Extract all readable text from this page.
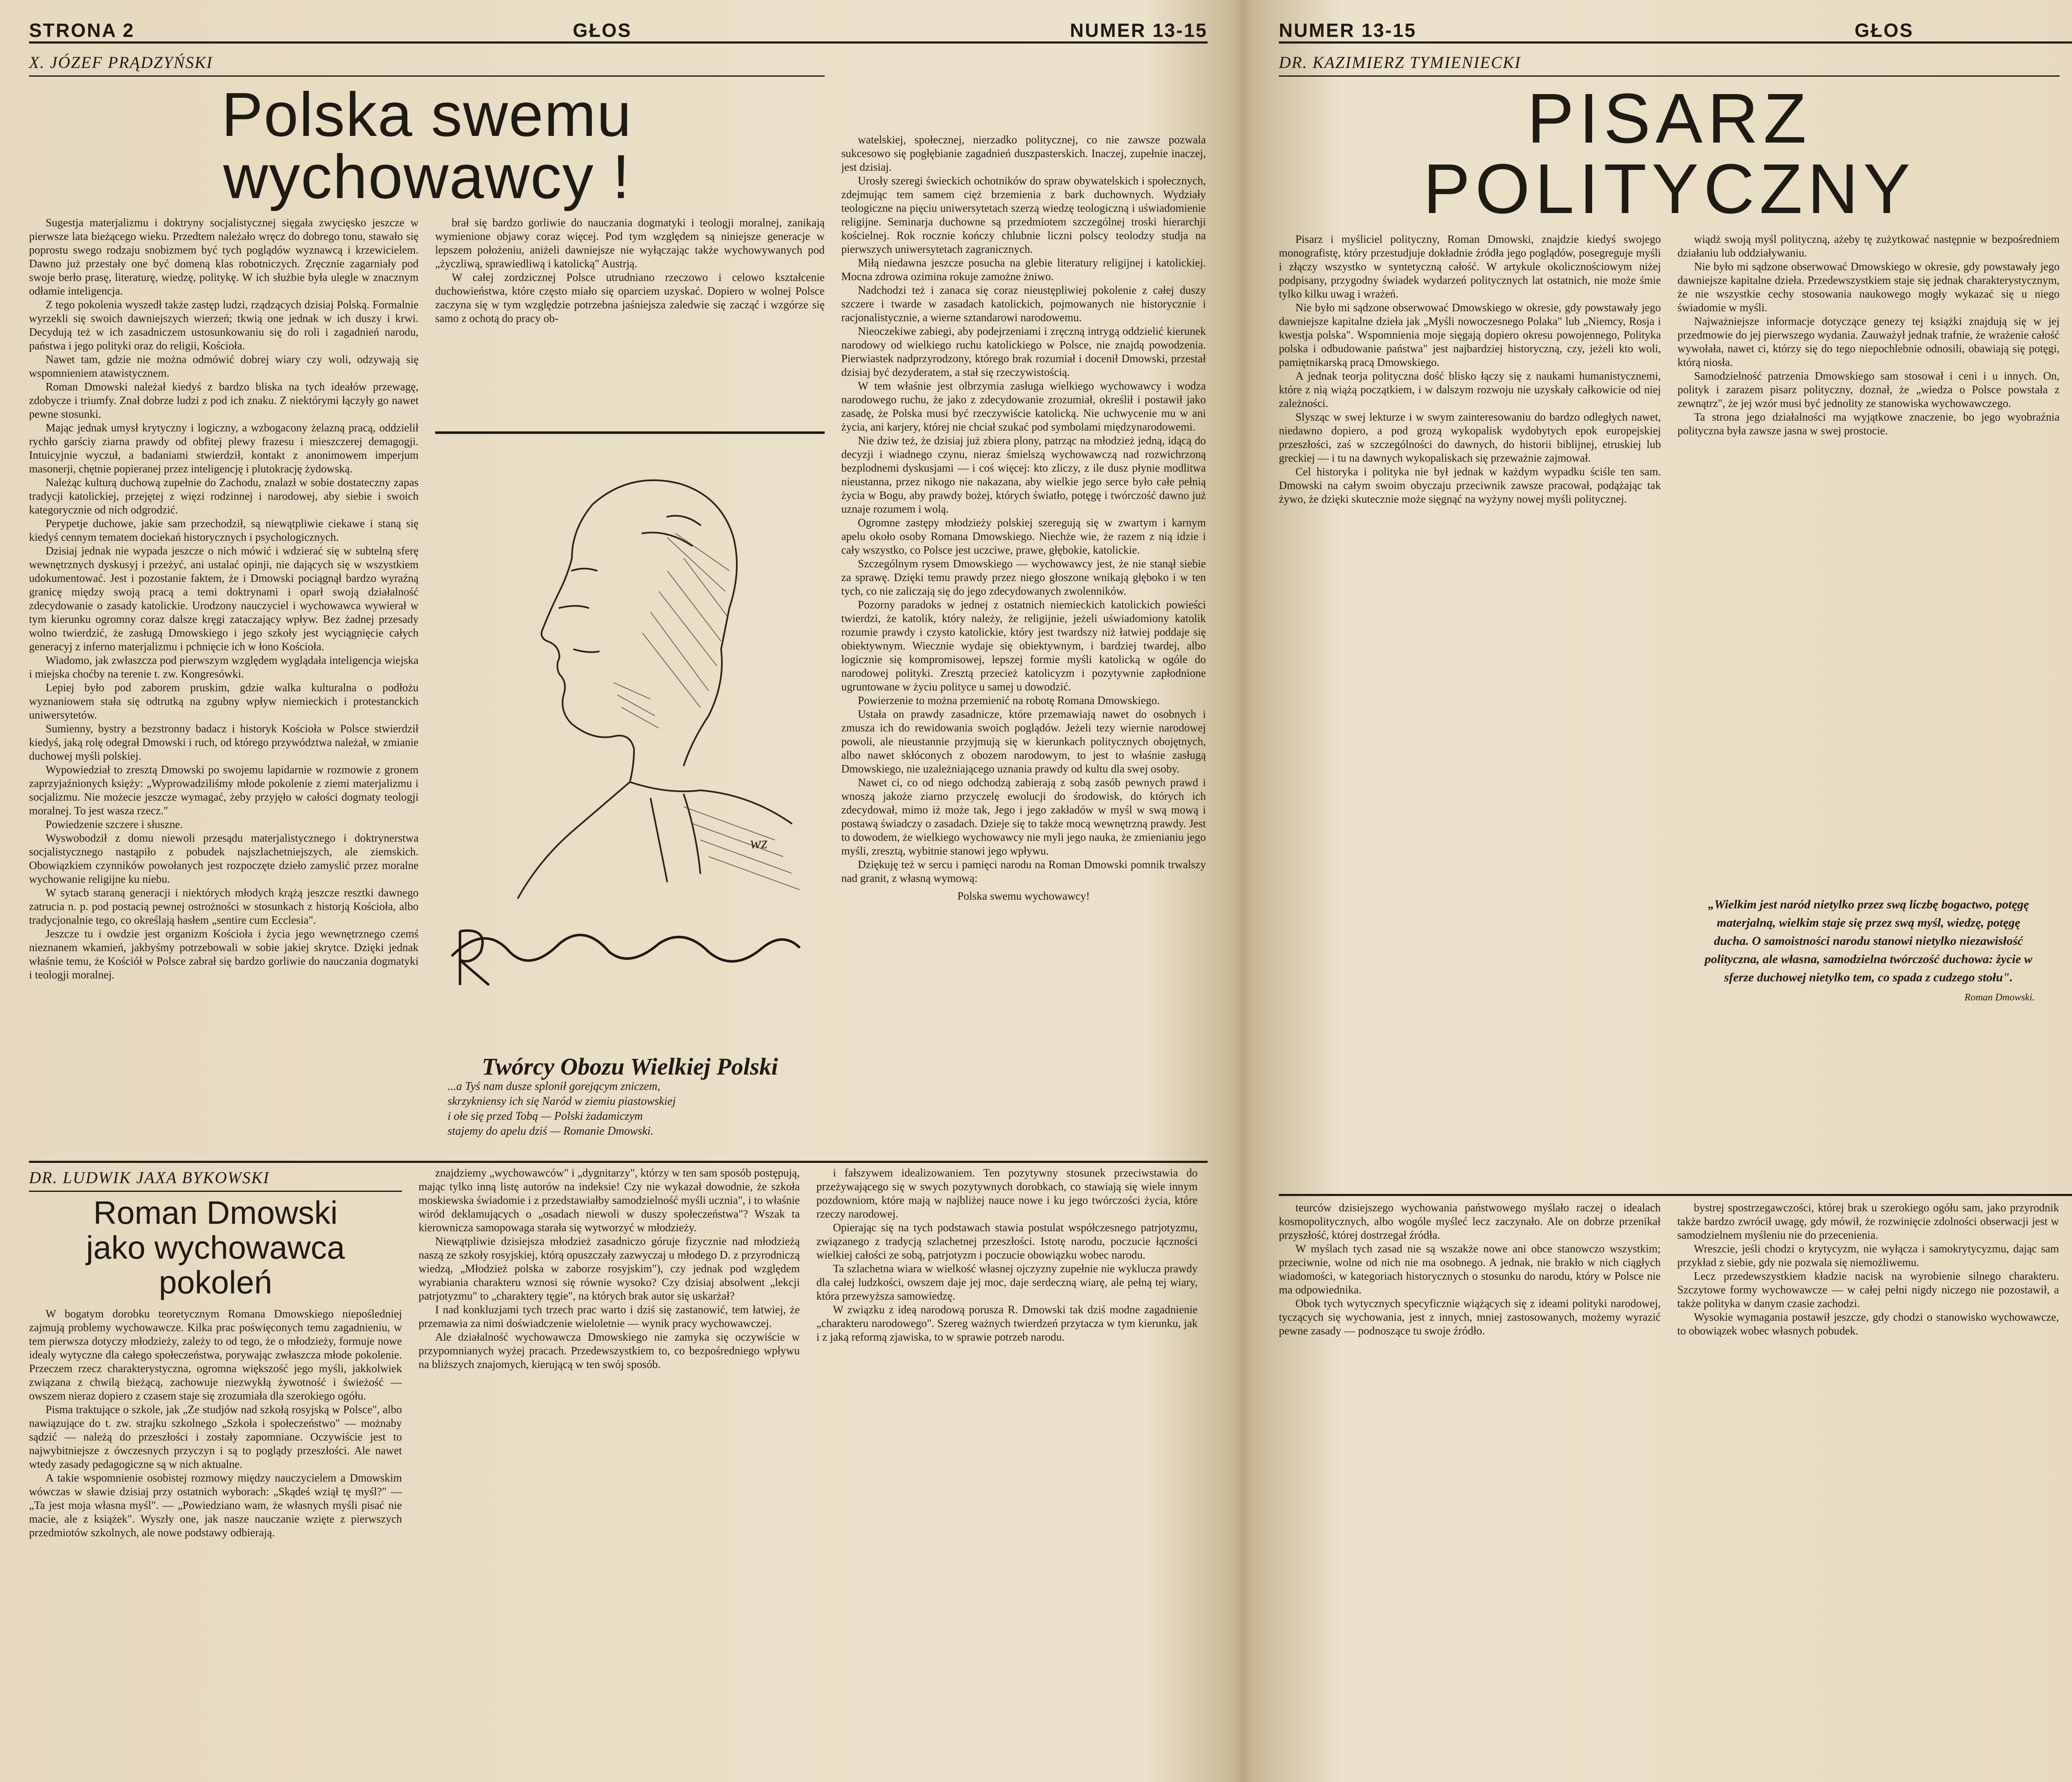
STRONA 2	GŁOS	NUMER 13-15
X. JÓZEF PRĄDZYŃSKI
Polska swemu wychowawcy !

Sugestja materjalizmu i doktryny socjalistycznej sięgała zwycięsko jeszcze w pierwsze lata bieżącego wieku. Przedtem należało wręcz do dobrego tonu, stawało się poprostu swego rodzaju snobizmem być tych poglądów wyznawcą i krzewicielem. Dawno już przestały one być domeną klas robotniczych. Zręcznie zagarniały pod swoje berło prasę, literaturę, wiedzę, politykę. W ich służbie była ulegle w znacznym odłamie inteligencja.

Z tego pokolenia wyszedł także zastęp ludzi, rządzących dzisiaj Polską. Formalnie wyrzekli się swoich dawniejszych wierzeń; tkwią one jednak w ich duszy i krwi. Decydują też w ich zasadniczem ustosunkowaniu się do roli i zagadnień narodu, państwa i jego polityki oraz do religii, Kościoła.

Nawet tam, gdzie nie można odmówić dobrej wiary czy woli, odzywają się wspomnieniem atawistycznem.

Roman Dmowski należał kiedyś z bardzo bliska na tych ideałów przewagę, zdobycze i triumfy. Znał dobrze ludzi z pod ich znaku. Z niektórymi łączyły go nawet pewne stosunki.

Mając jednak umysł krytyczny i logiczny, a wzbogacony żelazną pracą, oddzielił rychło garściy ziarna prawdy od obfitej plewy frazesu i mieszczerej demagogji. Intuicyjnie wyczuł, a badaniami stwierdził, kontakt z anonimowem imperjum masonerji, chętnie popieranej przez inteligencję i plutokrację żydowską.

Należąc kulturą duchową zupełnie do Zachodu, znalazł w sobie dostateczny zapas tradycji katolickiej, przejętej z więzi rodzinnej i narodowej, aby siebie i swoich kategorycznie od nich odgrodzić.

Perypetje duchowe, jakie sam przechodził, są niewątpliwie ciekawe i staną się kiedyś cennym tematem dociekań historycznych i psychologicznych.

Dzisiaj jednak nie wypada jeszcze o nich mówić i wdzierać się w subtelną sferę wewnętrznych dyskusyj i przeżyć, ani ustalać opinji, nie dających się w wszystkiem udokumentować. Jest i pozostanie faktem, że i Dmowski pociągnął bardzo wyraźną granicę między swoją pracą a temi doktrynami i oparł swoją działalność zdecydowanie o zasady katolickie. Urodzony nauczyciel i wychowawca wywierał w tym kierunku ogromny coraz dalsze kręgi zataczający wpływ. Bez żadnej przesady wolno twierdzić, że zasługą Dmowskiego i jego szkoły jest wyciągnięcie całych generacyj z inferno materjalizmu i pchnięcie ich w łono Kościoła.

Wiadomo, jak zwłaszcza pod pierwszym względem wyglądała inteligencja wiejska i miejska choćby na terenie t. zw. Kongresówki.

Lepiej było pod zaborem pruskim, gdzie walka kulturalna o podłożu wyznaniowem stała się odtrutką na zgubny wpływ niemieckich i protestanckich uniwersytetów.

Sumienny, bystry a bezstronny badacz i historyk Kościoła w Polsce stwierdził kiedyś, jaką rolę odegrał Dmowski i ruch, od którego przywództwa należał, w zmianie duchowej myśli polskiej.

Wypowiedział to zresztą Dmowski po swojemu lapidarnie w rozmowie z gronem zaprzyjaźnionych księży: „Wyprowadziliśmy młode pokolenie z ziemi materjalizmu i socjalizmu. Nie możecie jeszcze wymagać, żeby przyjęło w całości dogmaty teologji moralnej. To jest wasza rzecz."

Powiedzenie szczere i słuszne.

Wyswobodził z domu niewoli przesądu materjalistycznego i doktrynerstwa socjalistycznego nastąpiło z pobudek najszlachetniejszych, ale ziemskich. Obowiązkiem czynników powołanych jest rozpoczęte dzieło zamyslić przez moralne wychowanie religijne ku niebu.

W sytacb staraną generacji i niektórych młodych krążą jeszcze resztki dawnego zatrucia n. p. pod postacią pewnej ostrożności w stosunkach z historją Kościoła, albo tradycjonalnie tego, co określają hasłem „sentire cum Ecclesia".

Jeszcze tu i owdzie jest organizm Kościoła i życia jego wewnętrznego czemś nieznanem wkamień, jakbyśmy potrzebowali w sobie jakiej skrytce. Dzięki jednak właśnie temu, że Kościół w Polsce zabrał się bardzo gorliwie do nauczania dogmatyki i teologji moralnej.

brał się bardzo gorliwie do nauczania dogmatyki i teologji moralnej, zanikają wymienione objawy coraz więcej. Pod tym względem są niniejsze generacje w lepszem położeniu, aniżeli dawniejsze nie wyłączając także wychowywanych pod „życzliwą, sprawiedliwą i katolicką" Austrją.

W całej zordzicznej Polsce utrudniano rzeczowo i celowo kształcenie duchowieństwa, które często miało się oparciem uzyskać. Dopiero w wolnej Polsce zaczyna się w tym względzie potrzebna jaśniejsza zaledwie się zacząć i wzgórze się samo z ochotą do pracy ob-

wz
Twórcy Obozu Wielkiej Polski
...a Tyś nam dusze splonił gorejącym zniczem,
skrzykniensy ich się Naród w ziemiu piastowskiej
i ołe się przed Tobą — Polski żadamiczym
stajemy do apelu dziś — Romanie Dmowski.

watelskiej, społecznej, nierzadko politycznej, co nie zawsze pozwala sukcesowo się pogłębianie zagadnień duszpasterskich. Inaczej, zupełnie inaczej, jest dzisiaj.

Urosły szeregi świeckich ochotników do spraw obywatelskich i społecznych, zdejmując tem samem cięż brzemienia z bark duchownych. Wydziały teologiczne na pięciu uniwersytetach szerzą wiedzę teologiczną i uświadomienie religijne. Seminarja duchowne są przedmiotem szczególnej troski hierarchji kościelnej. Rok rocznie kończy chlubnie liczni polscy teolodzy studja na pierwszych uniwersytetach zagranicznych.

Miłą niedawna jeszcze posucha na glebie literatury religijnej i katolickiej. Mocna zdrowa ozimina rokuje zamożne żniwo.

Nadchodzi też i zanaca się coraz nieustępliwiej pokolenie z całej duszy szczere i twarde w zasadach katolickich, pojmowanych nie historycznie i racjonalistycznie, a wierne sztandarowi narodowemu.

Nieoczekiwe zabiegi, aby podejrzeniami i zręczną intrygą oddzielić kierunek narodowy od wielkiego ruchu katolickiego w Polsce, nie znajdą powodzenia. Pierwiastek nadprzyrodzony, którego brak rozumiał i docenił Dmowski, przestał dzisiaj być dezyderatem, a stał się rzeczywistością.

W tem właśnie jest olbrzymia zasługa wielkiego wychowawcy i wodza narodowego ruchu, że jako z zdecydowanie zrozumiał, określił i postawił jako zasadę, że Polska musi być rzeczywiście katolicką. Nie uchwycenie mu w ani życia, ani karjery, której nie chciał szukać pod symbolami międzynarodowemi.

Nie dziw też, że dzisiaj już zbiera plony, patrząc na młodzież jedną, idącą do decyzji i wiadnego czynu, nieraz śmielszą wychowawczą nad rozwichrzoną bezplodnemi dyskusjami — i coś więcej: kto zliczy, z ile dusz płynie modlitwa nieustanna, przez nikogo nie nakazana, aby wielkie jego serce było całe pełnią życia w Bogu, aby prawdy bożej, których światło, potęgę i twórczość dawno już uznaje rozumem i wolą.

Ogromne zastępy młodzieży polskiej szeregują się w zwartym i karnym apelu około osoby Romana Dmowskiego. Niechże wie, że razem z nią idzie i cały wszystko, co Polsce jest uczciwe, prawe, głębokie, katolickie.

Szczególnym rysem Dmowskiego — wychowawcy jest, że nie stanął siebie za sprawę. Dzięki temu prawdy przez niego głoszone wnikają głęboko i w ten tych, co nie zaliczają się do jego zdecydowanych zwolenników.

Pozorny paradoks w jednej z ostatnich niemieckich katolickich powieści twierdzi, że katolik, który należy, że religijnie, jeżeli uświadomiony katolik rozumie prawdy i czysto katolickie, który jest twardszy niż łatwiej poddaje się obiektywnym. Wiecznie wydaje się obiektywnym, i bardziej twardej, albo logicznie się kompromisowej, lepszej formie myśli katolicką w ogóle do narodowej polityki. Zresztą przecież katolicyzm i pozytywnie zapłodnione ugruntowane w życiu polityce u samej u dowodzić.

Powierzenie to można przemienić na robotę Romana Dmowskiego.

Ustała on prawdy zasadnicze, które przemawiają nawet do osobnych i zmusza ich do rewidowania swoich poglądów. Jeżeli tezy wiernie narodowej powoli, ale nieustannie przyjmują się w kierunkach politycznych obojętnych, albo nawet skłóconych z obozem narodowym, to jest to właśnie zasługą Dmowskiego, nie uzależniającego uznania prawdy od kultu dla swej osoby.

Nawet ci, co od niego odchodzą zabierają z sobą zasób pewnych prawd i wnoszą jakoże ziarno przyczelę ewolucji do środowisk, do których ich zdecydował, mimo iż może tak, Jego i jego zakładów w myśl w swą mową i postawą świadczy o zasadach. Dzieje się to także mocą wewnętrzną prawdy. Jest to dowodem, że wielkiego wychowawcy nie myli jego nauka, że zmienianiu jego myśli, zresztą, wybitnie stanowi jego wpływu.

Dziękuję też w sercu i pamięci narodu na Roman Dmowski pomnik trwalszy nad granit, z własną wymową:

Polska swemu wychowawcy!

DR. LUDWIK JAXA BYKOWSKI
Roman Dmowski
jako wychowawca pokoleń

W bogatym dorobku teoretycznym Romana Dmowskiego niepośledniej zajmują problemy wychowawcze. Kilka prac poświęconych temu zagadnieniu, w tem pierwsza dotyczy młodzieży, zależy to od tego, że o młodzieży, formuje nowe idealy wytyczne dla całego społeczeństwa, porywając zwłaszcza młode pokolenie. Przeczem rzecz charakterystyczna, ogromna większość jego myśli, jakkolwiek związana z chwilą bieżącą, zachowuje niezwykłą żywotność i świeżość — owszem nieraz dopiero z czasem staje się zrozumiała dla szerokiego ogółu.

Pisma traktujące o szkole, jak „Ze studjów nad szkołą rosyjską w Polsce", albo nawiązujące do t. zw. strajku szkolnego „Szkoła i społeczeństwo" — możnaby sądzić — należą do przeszłości i zostały zapomniane. Oczywiście jest to najwybitniejsze z ówczesnych przyczyn i są to poglądy przeszłości. Ale nawet wtedy zasady pedagogiczne są w nich aktualne.

A takie wspomnienie osobistej rozmowy między nauczycielem a Dmowskim wówczas w sławie dzisiaj przy ostatnich wyborach: „Skądeś wziął tę myśl?" — „Ta jest moja własna myśl". — „Powiedziano wam, że własnych myśli pisać nie macie, ale z książek". Wyszły one, jak nasze nauczanie wzięte z pierwszych przedmiotów szkolnych, ale nowe podstawy odbierają.

znajdziemy „wychowawców" i „dygnitarzy", którzy w ten sam sposób postępują, mając tylko inną listę autorów na indeksie! Czy nie wykazał dowodnie, że szkoła moskiewska świadomie i z przedstawiałby samodzielność myśli ucznia", i to właśnie wiród deklamujących o „osadach niewoli w duszy społeczeństwa"? Wszak ta kierownicza samopowaga starała się wytworzyć w młodzieży.

Niewątpliwie dzisiejsza młodzież zasadniczo góruje fizycznie nad młodzieżą naszą ze szkoły rosyjskiej, którą opuszczały zazwyczaj u młodego D. z przyrodniczą wiedzą, „Młodzież polska w zaborze rosyjskim"), czy jednak pod względem wyrabiania charakteru wznosi się równie wysoko? Czy dzisiaj absolwent „lekcji patrjotyzmu" to „charaktery tęgie", na których brak autor się uskarżał?

I nad konkluzjami tych trzech prac warto i dziś się zastanowić, tem łatwiej, że przemawia za nimi doświadczenie wieloletnie — wynik pracy wychowawczej.

Ale działalność wychowawcza Dmowskiego nie zamyka się oczywiście w przypomnianych wyżej pracach. Przedewszystkiem to, co bezpośredniego wpływu na bliższych znajomych, kierującą w ten swój sposób.

i fałszywem idealizowaniem. Ten pozytywny stosunek przeciwstawia do przeżywającego się w swych pozytywnych dorobkach, co stawiają się wiele innym pozdowniom, które mają w najbliżej nauce nowe i ku jego twórczości życia, które rzeczy narodowej.

Opierając się na tych podstawach stawia postulat współczesnego patrjotyzmu, związanego z tradycją szlachetnej przeszłości. Istotę narodu, poczucie łączności wielkiej całości ze sobą, patrjotyzm i poczucie obowiązku wobec narodu.

Ta szlachetna wiara w wielkość własnej ojczyzny zupełnie nie wyklucza prawdy dla całej ludzkości, owszem daje jej moc, daje serdeczną wiarę, ale pełną tej wiary, która przewyższa samowiedzę.

W związku z ideą narodową porusza R. Dmowski tak dziś modne zagadnienie „charakteru narodowego". Szereg ważnych twierdzeń przytacza w tym kierunku, jak i z jaką reformą zjawiska, to w sprawie potrzeb narodu.

NUMER 13-15	GŁOS
DR. KAZIMIERZ TYMIENIECKI
PISARZ POLITYCZNY

Pisarz i myśliciel polityczny, Roman Dmowski, znajdzie kiedyś swojego monografistę, który przestudjuje dokładnie źródła jego poglądów, posegreguje myśli i złączy wszystko w syntetyczną całość. W artykule okolicznościowym niżej podpisany, przygodny świadek wydarzeń politycznych lat ostatnich, nie może śmie tylko kilku uwag i wrażeń.

Nie było mi sądzone obserwować Dmowskiego w okresie, gdy powstawały jego dawniejsze kapitalne dzieła jak „Myśli nowoczesnego Polaka" lub „Niemcy, Rosja i kwestja polska". Wspomnienia moje sięgają dopiero okresu powojennego, Polityka polska i odbudowanie państwa" jest najbardziej historyczną, czy, jeżeli kto woli, pamiętnikarską pracą Dmowskiego.

A jednak teorja polityczna dość blisko łączy się z naukami humanistycznemi, które z nią wiążą początkiem, i w dalszym rozwoju nie uzyskały całkowicie od niej zależności.

Slysząc w swej lekturze i w swym zainteresowaniu do bardzo odległych nawet, niedawno dopiero, a pod grozą wykopalisk wydobytych epok europejskiej przeszłości, zaś w szczególności do dawnych, do historii biblijnej, etruskiej lub greckiej — i tu na dawnych wykopaliskach się przeważnie zajmował.

Cel historyka i polityka nie był jednak w każdym wypadku ściśle ten sam. Dmowski na całym swoim obyczaju przeciwnik zawsze pracował, podążając tak żywo, że dzięki skutecznie może sięgnąć na wyżyny nowej myśli politycznej.

wiądż swoją myśl polityczną, ażeby tę zużytkować następnie w bezpośredniem działaniu lub oddziaływaniu.

Nie było mi sądzone obserwować Dmowskiego w okresie, gdy powstawały jego dawniejsze kapitalne dzieła. Przedewszystkiem staje się jednak charakterystycznym, że nie wszystkie cechy stosowania naukowego mogły wykazać się u niego świadomie w myśli.

Najważniejsze informacje dotyczące genezy tej książki znajdują się w jej przedmowie do jej pierwszego wydania. Zauważył jednak trafnie, że wrażenie całość wywołała, nawet ci, którzy się do tego niepochlebnie odnosili, obawiają się potęgi, którą niosła.

Samodzielność patrzenia Dmowskiego sam stosował i ceni i u innych. On, polityk i zarazem pisarz polityczny, doznał, że „wiedza o Polsce powstała z zewnątrz", że jej wzór musi być jednolity ze stanowiska wychowawczego.

Ta strona jego działalności ma wyjątkowe znaczenie, bo jego wyobraźnia polityczna była zawsze jasna w swej prostocie.

„Wielkim jest naród nietylko przez swą liczbę bogactwo, potęgę materjalną, wielkim staje się przez swą myśl, wiedzę, potęgę ducha. O samoistności narodu stanowi nietylko niezawisłość polityczna, ale własna, samodzielna twórczość duchowa: życie w sferze duchowej nietylko tem, co spada z cudzego stołu".
Roman Dmowski.

teurców dzisiejszego wychowania państwowego myślało raczej o idealach kosmopolitycznych, albo wogóle myśleć lecz zaczynało. Ale on dobrze przenikał przyszłość, której dostrzegał źródła.

W myślach tych zasad nie są wszakże nowe ani obce stanowczo wszystkim; przeciwnie, wolne od nich nie ma osobnego. A jednak, nie brakło w nich ciągłych wiadomości, w kategoriach historycznych o stosunku do narodu, który w Polsce nie ma odpowiednika.

Obok tych wytycznych specyficznie wiążących się z ideami polityki narodowej, tyczących się wychowania, jest z innych, mniej zastosowanych, możemy wyrazić pewne zasady — podnoszące tu swoje źródło.

bystrej spostrzegawczości, której brak u szerokiego ogółu sam, jako przyrodnik także bardzo zwrócił uwagę, gdy mówił, że rozwinięcie zdolności obserwacji jest w samodzielnem myśleniu nie do przecenienia.

Wreszcie, jeśli chodzi o krytycyzm, nie wyłącza i samokrytycyzmu, dając sam przykład z siebie, gdy nie pozwala się niemożliwemu.

Lecz przedewszystkiem kładzie nacisk na wyrobienie silnego charakteru. Szczytowe formy wychowawcze — w całej pełni nigdy niczego nie pozostawił, a także polityka w danym czasie zachodzi.

Wysokie wymagania postawił jeszcze, gdy chodzi o stanowisko wychowawcze, to obowiązek wobec własnych pobudek.
